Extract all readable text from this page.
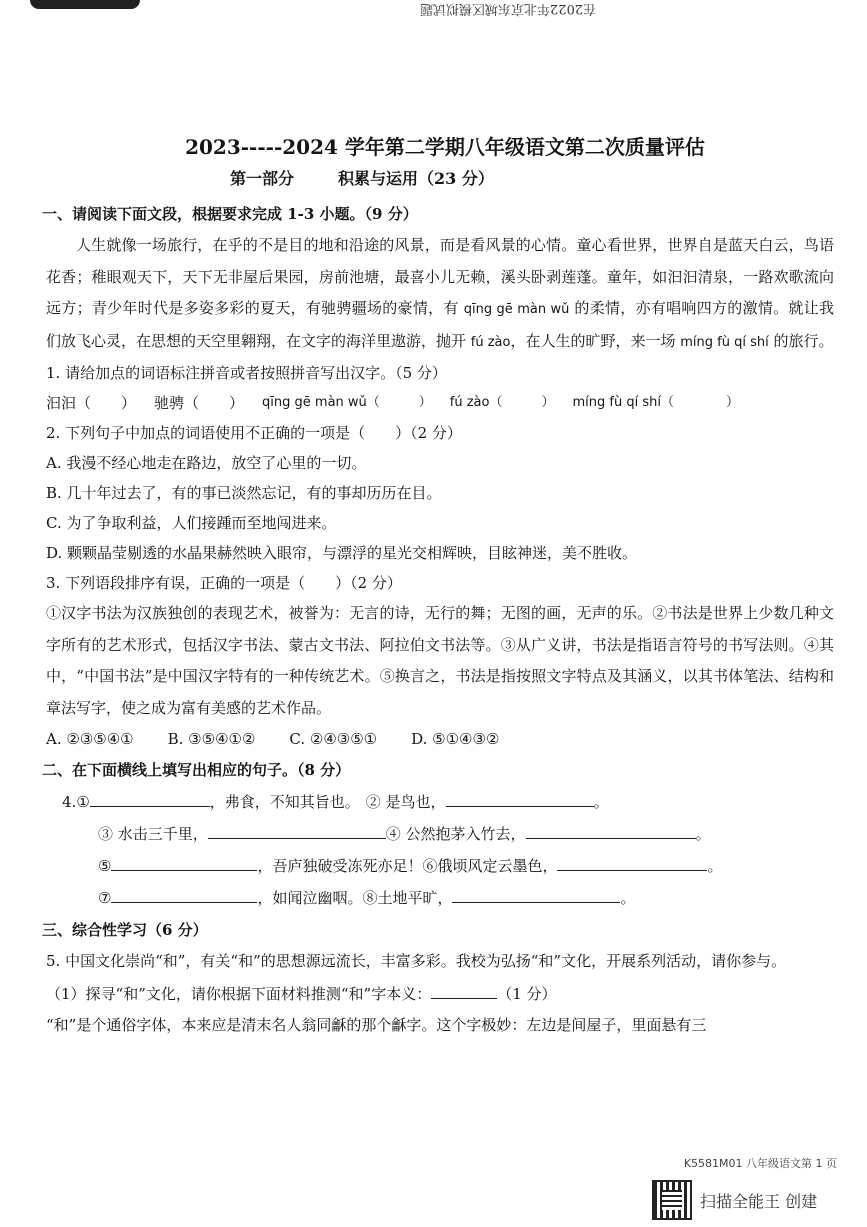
在2022年北京东城区模拟试题
2023-----2024 学年第二学期八年级语文第二次质量评估
第一部分	积累与运用（23 分）
一、请阅读下面文段，根据要求完成 1-3 小题。（9 分）
人生就像一场旅行，在乎的不是目的地和沿途的风景，而是看风景的心情。童心看世界，世界自是蓝天白云，鸟语花香；稚眼观天下，天下无非屋后果园，房前池塘，最喜小儿无赖，溪头卧剥莲蓬。童年，如汩汩清泉，一路欢歌流向远方；青少年时代是多姿多彩的夏天，有驰骋疆场的豪情，有 qīng gē màn wǔ 的柔情，亦有唱响四方的激情。就让我们放飞心灵，在思想的天空里翱翔，在文字的海洋里遨游，抛开 fú zào，在人生的旷野，来一场 míng fù qí shí 的旅行。
1. 请给加点的词语标注拼音或者按照拼音写出汉字。（5 分）
汩汩（　　） 驰骋（　　） qīng gē màn wǔ（　　　） fú zào（　　　） míng fù qí shí（　　　　）
2. 下列句子中加点的词语使用不正确的一项是（　　）（2 分）
A. 我漫不经心地走在路边，放空了心里的一切。
B. 几十年过去了，有的事已淡然忘记，有的事却历历在目。
C. 为了争取利益，人们接踵而至地闯进来。
D. 颗颗晶莹剔透的水晶果赫然映入眼帘，与漂浮的星光交相辉映，目眩神迷，美不胜收。
3. 下列语段排序有误，正确的一项是（　　）（2 分）
①汉字书法为汉族独创的表现艺术，被誉为：无言的诗，无行的舞；无图的画，无声的乐。②书法是世界上少数几种文字所有的艺术形式，包括汉字书法、蒙古文书法、阿拉伯文书法等。③从广义讲，书法是指语言符号的书写法则。④其中，“中国书法”是中国汉字特有的一种传统艺术。⑤换言之，书法是指按照文字特点及其涵义，以其书体笔法、结构和章法写字，使之成为富有美感的艺术作品。
A. ②③⑤④① B. ③⑤④①② C. ②④③⑤① D. ⑤①④③②
二、在下面横线上填写出相应的句子。（8 分）
4. ①	，弗食，不知其旨也。 ② 是鸟也，	。
③ 水击三千里，	④ 公然抱茅入竹去，	。
⑤	，吾庐独破受冻死亦足！ ⑥俄顷风定云墨色，	。
⑦	，如闻泣幽咽。 ⑧土地平旷，	。
三、综合性学习（6 分）
5. 中国文化崇尚“和”，有关“和”的思想源远流长，丰富多彩。我校为弘扬“和”文化，开展系列活动，请你参与。
（1）探寻“和”文化，请你根据下面材料推测“和”字本义：	（1 分）
“和”是个通俗字体，本来应是清末名人翁同龢的那个龢字。这个字极妙：左边是间屋子，里面悬有三
K5581M01 八年级语文第 1 页
扫描全能王 创建
